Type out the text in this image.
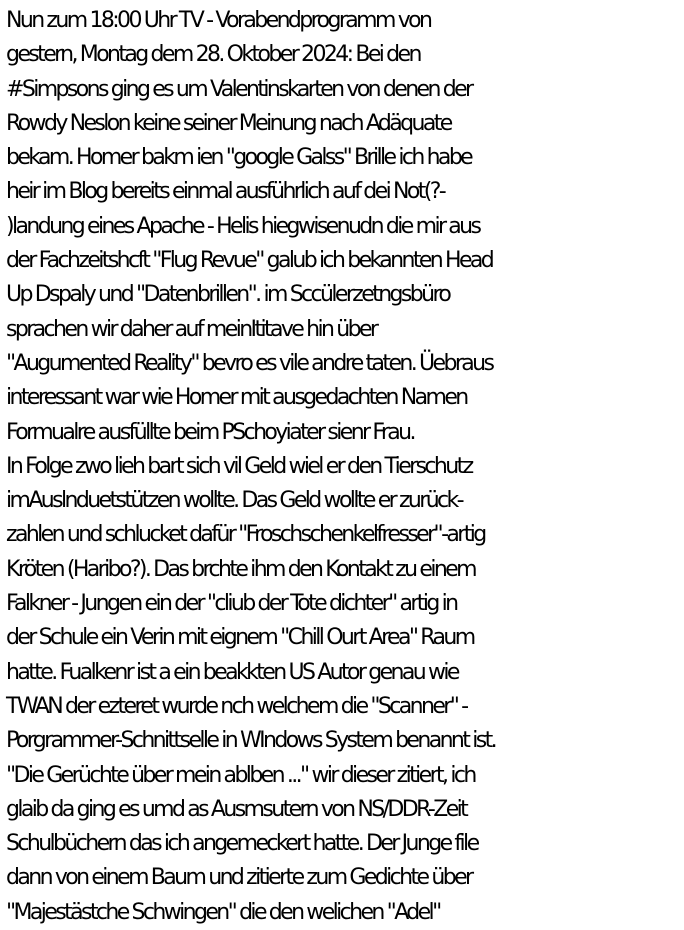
Nun zum 18:00 Uhr TV - Vorabendprogramm von
gestern, Montag dem 28. Oktober 2024: Bei den
#Simpsons ging es um Valentinskarten von denen der
Rowdy Neslon keine seiner Meinung nach Adäquate
bekam. Homer bakm ien "google Galss" Brille ich habe
heir im Blog bereits einmal ausführlich auf dei Not(?-
)landung eines Apache - Helis hiegwisenudn die mir aus
der Fachzeitshcft "Flug Revue" galub ich bekannten Head
Up Dspaly und "Datenbrillen". im Sccülerzetngsbüro
sprachen wir daher auf meinItitave hin über
"Augumented Reality" bevro es vile andre taten. Üebraus
interessant war wie Homer mit ausgedachten Namen
Formualre ausfüllte beim PSchoyiater sienr Frau.
In Folge zwo lieh bart sich vil Geld wiel er den Tierschutz
imAuslnduetstützen wollte. Das Geld wollte er zurück-
zahlen und schlucket dafür "Froschschenkelfresser"-artig
Kröten (Haribo?). Das brchte ihm den Kontakt zu einem
Falkner - Jungen ein der "cliub der Tote dichter" artig in
der Schule ein Verin mit eignem "Chill Ourt Area" Raum
hatte. Fualkenr ist a ein beakkten US Autor genau wie
TWAN der ezteret wurde nch welchem die "Scanner" -
Porgrammer-Schnittselle in WIndows System benannt ist.
"Die Gerüchte über mein ablben ..." wir dieser zitiert, ich
glaib da ging es umd as Ausmsutern von NS/DDR-Zeit
Schulbüchern das ich angemeckert hatte. Der Junge file
dann von einem Baum und zitierte zum Gedichte über
"Majestästche Schwingen" die den welichen "Adel"
